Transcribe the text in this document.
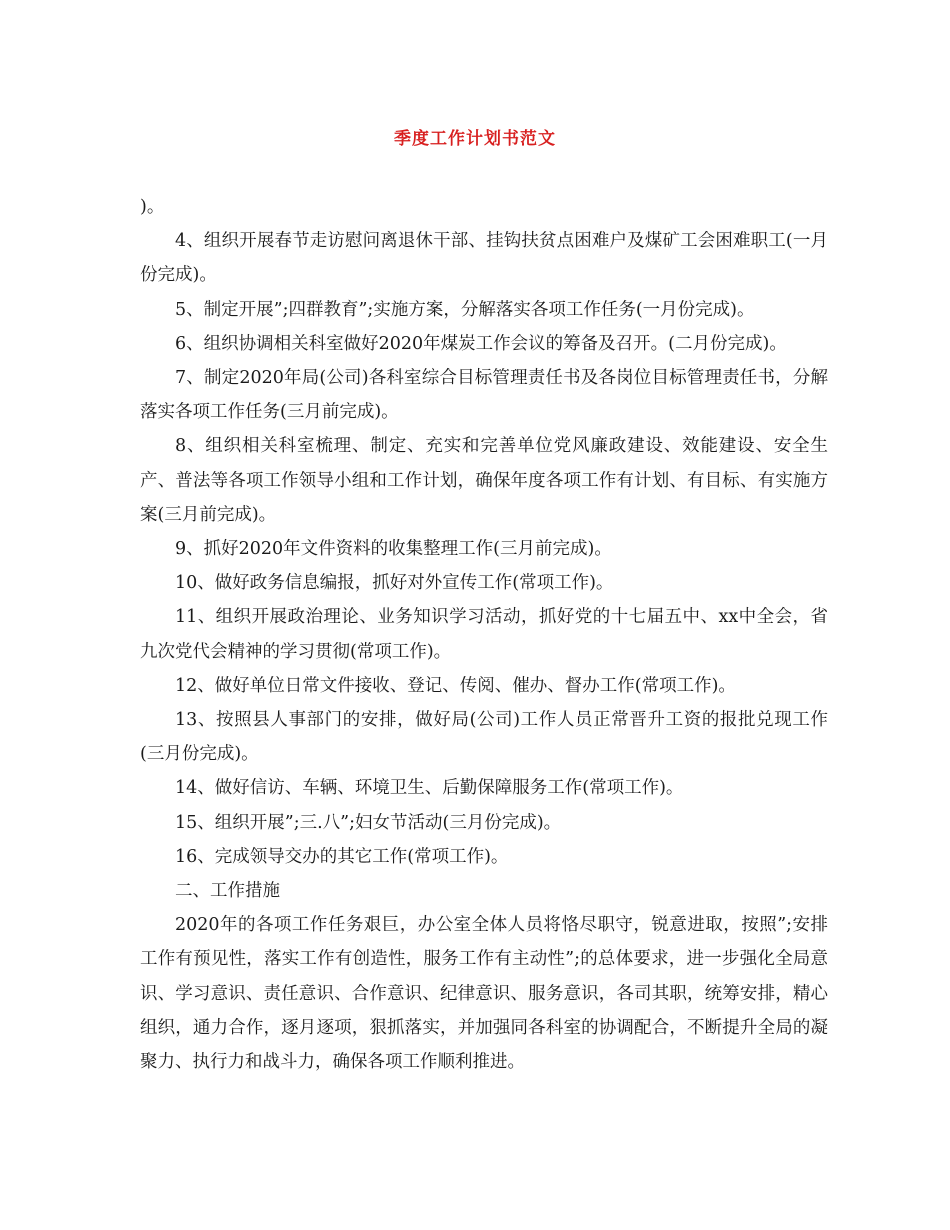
季度工作计划书范文

)。

4、组织开展春节走访慰问离退休干部、挂钩扶贫点困难户及煤矿工会困难职工(一月份完成)。

5、制定开展”;四群教育”;实施方案，分解落实各项工作任务(一月份完成)。

6、组织协调相关科室做好2020年煤炭工作会议的筹备及召开。(二月份完成)。

7、制定2020年局(公司)各科室综合目标管理责任书及各岗位目标管理责任书，分解落实各项工作任务(三月前完成)。

8、组织相关科室梳理、制定、充实和完善单位党风廉政建设、效能建设、安全生产、普法等各项工作领导小组和工作计划，确保年度各项工作有计划、有目标、有实施方案(三月前完成)。

9、抓好2020年文件资料的收集整理工作(三月前完成)。

10、做好政务信息编报，抓好对外宣传工作(常项工作)。

11、组织开展政治理论、业务知识学习活动，抓好党的十七届五中、xx中全会，省九次党代会精神的学习贯彻(常项工作)。

12、做好单位日常文件接收、登记、传阅、催办、督办工作(常项工作)。

13、按照县人事部门的安排，做好局(公司)工作人员正常晋升工资的报批兑现工作(三月份完成)。

14、做好信访、车辆、环境卫生、后勤保障服务工作(常项工作)。

15、组织开展”;三.八”;妇女节活动(三月份完成)。

16、完成领导交办的其它工作(常项工作)。

二、工作措施

2020年的各项工作任务艰巨，办公室全体人员将恪尽职守，锐意进取，按照”;安排工作有预见性，落实工作有创造性，服务工作有主动性”;的总体要求，进一步强化全局意识、学习意识、责任意识、合作意识、纪律意识、服务意识，各司其职，统筹安排，精心组织，通力合作，逐月逐项，狠抓落实，并加强同各科室的协调配合，不断提升全局的凝聚力、执行力和战斗力，确保各项工作顺利推进。
